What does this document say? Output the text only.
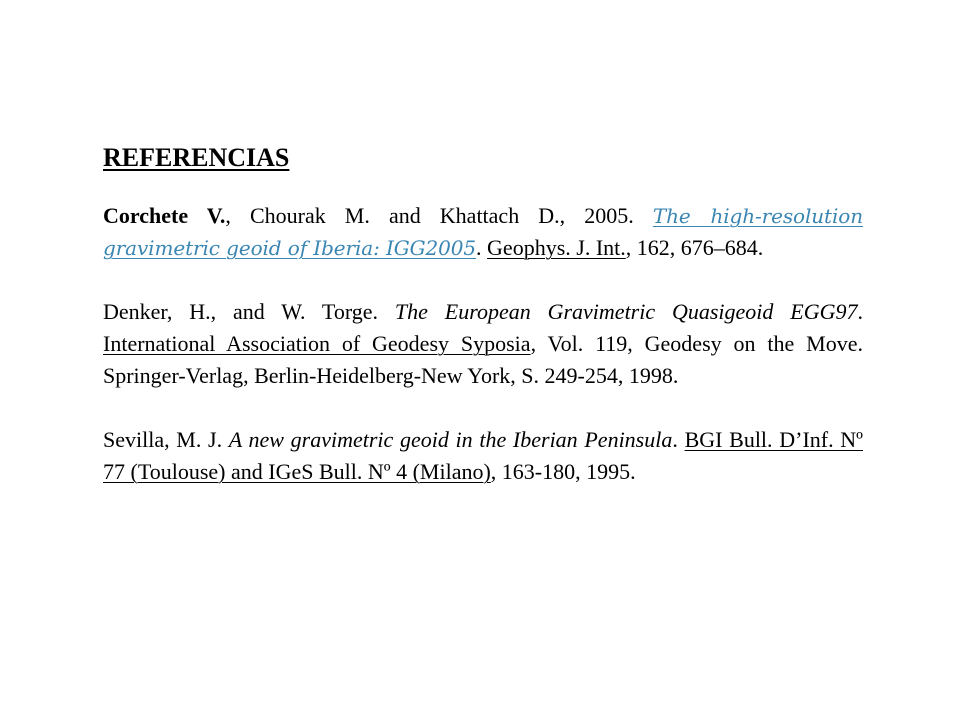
REFERENCIAS

Corchete V., Chourak M. and Khattach D., 2005. The high-resolution gravimetric geoid of Iberia: IGG2005. Geophys. J. Int., 162, 676–684.

Denker, H., and W. Torge. The European Gravimetric Quasigeoid EGG97. International Association of Geodesy Syposia, Vol. 119, Geodesy on the Move. Springer-Verlag, Berlin-Heidelberg-New York, S. 249-254, 1998.

Sevilla, M. J. A new gravimetric geoid in the Iberian Peninsula. BGI Bull. D’Inf. Nº 77 (Toulouse) and IGeS Bull. Nº 4 (Milano), 163-180, 1995.
